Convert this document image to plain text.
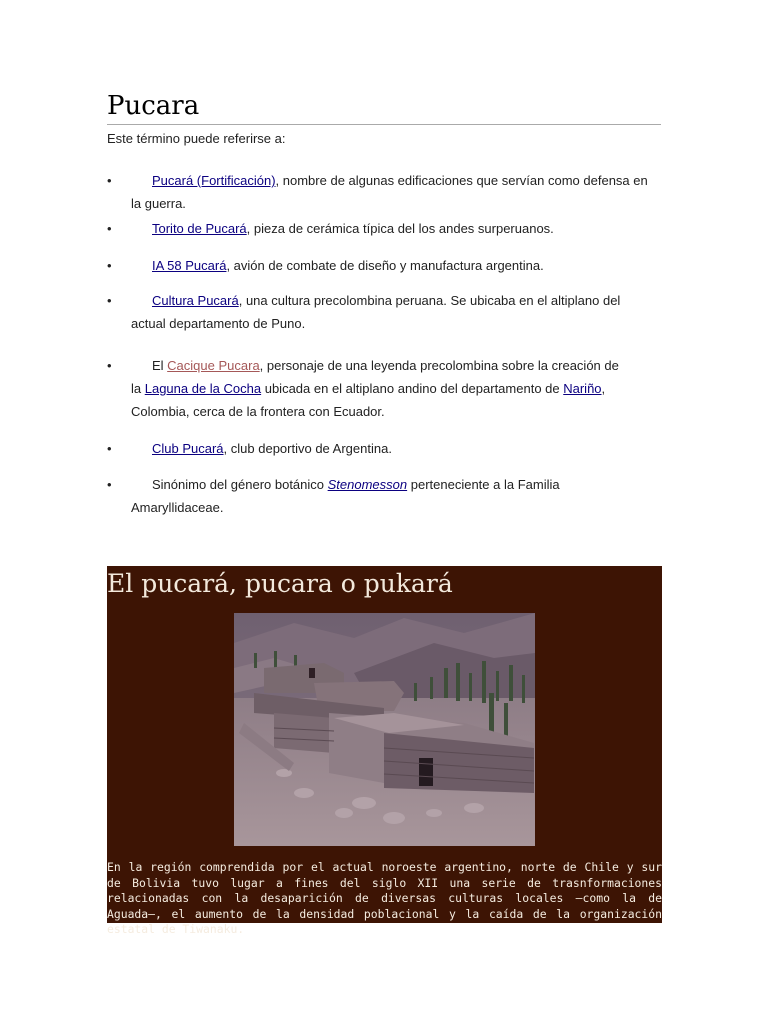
Pucara
Este término puede referirse a:
•	Pucará (Fortificación), nombre de algunas edificaciones que servían como defensa en
la guerra.
•	Torito de Pucará, pieza de cerámica típica del los andes surperuanos.
•	IA 58 Pucará, avión de combate de diseño y manufactura argentina.
•	Cultura Pucará, una cultura precolombina peruana. Se ubicaba en el altiplano del
actual departamento de Puno.
•	El Cacique Pucara, personaje de una leyenda precolombina sobre la creación de
la Laguna de la Cocha ubicada en el altiplano andino del departamento de Nariño,
Colombia, cerca de la frontera con Ecuador.
•	Club Pucará, club deportivo de Argentina.
•	Sinónimo del género botánico Stenomesson perteneciente a la Familia
Amaryllidaceae.
El pucará, pucara o pukará
En la región comprendida por el actual noroeste argentino, norte de Chile y sur de Bolivia tuvo lugar a fines del siglo XII una serie de trasnformaciones relacionadas con la desaparición de diversas culturas locales –como la de Aguada–, el aumento de la densidad poblacional y la caída de la organización estatal de Tiwanaku.
